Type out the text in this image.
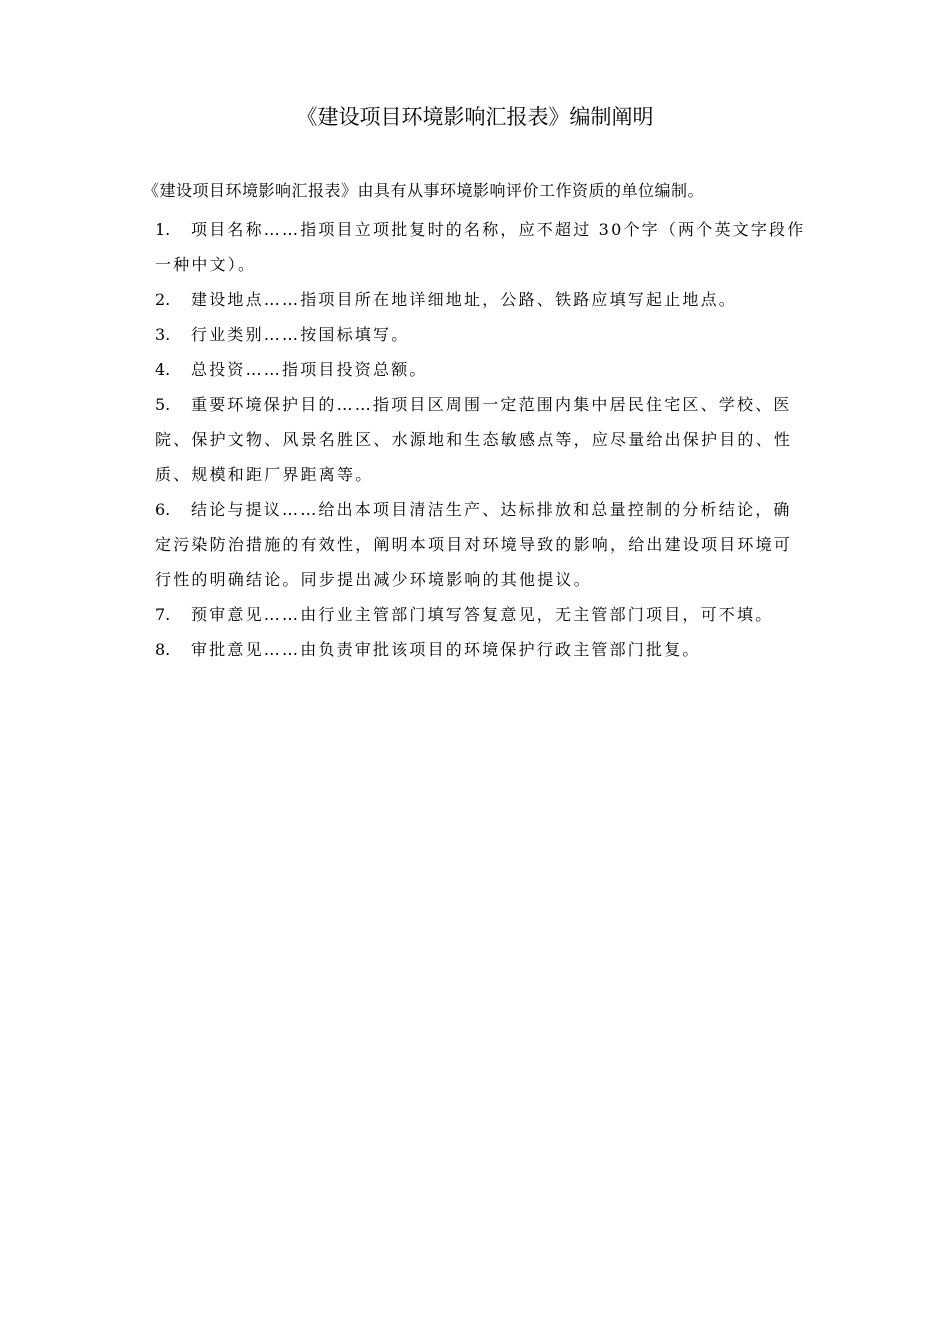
《建设项目环境影响汇报表》编制阐明
《建设项目环境影响汇报表》由具有从事环境影响评价工作资质的单位编制。
1. 项目名称……指项目立项批复时的名称，应不超过 30个字（两个英文字段作
一种中文）。
2. 建设地点……指项目所在地详细地址，公路、铁路应填写起止地点。
3. 行业类别……按国标填写。
4. 总投资……指项目投资总额。
5. 重要环境保护目的……指项目区周围一定范围内集中居民住宅区、学校、医
院、保护文物、风景名胜区、水源地和生态敏感点等，应尽量给出保护目的、性
质、规模和距厂界距离等。
6. 结论与提议……给出本项目清洁生产、达标排放和总量控制的分析结论，确
定污染防治措施的有效性，阐明本项目对环境导致的影响，给出建设项目环境可
行性的明确结论。同步提出减少环境影响的其他提议。
7. 预审意见……由行业主管部门填写答复意见，无主管部门项目，可不填。
8. 审批意见……由负责审批该项目的环境保护行政主管部门批复。
